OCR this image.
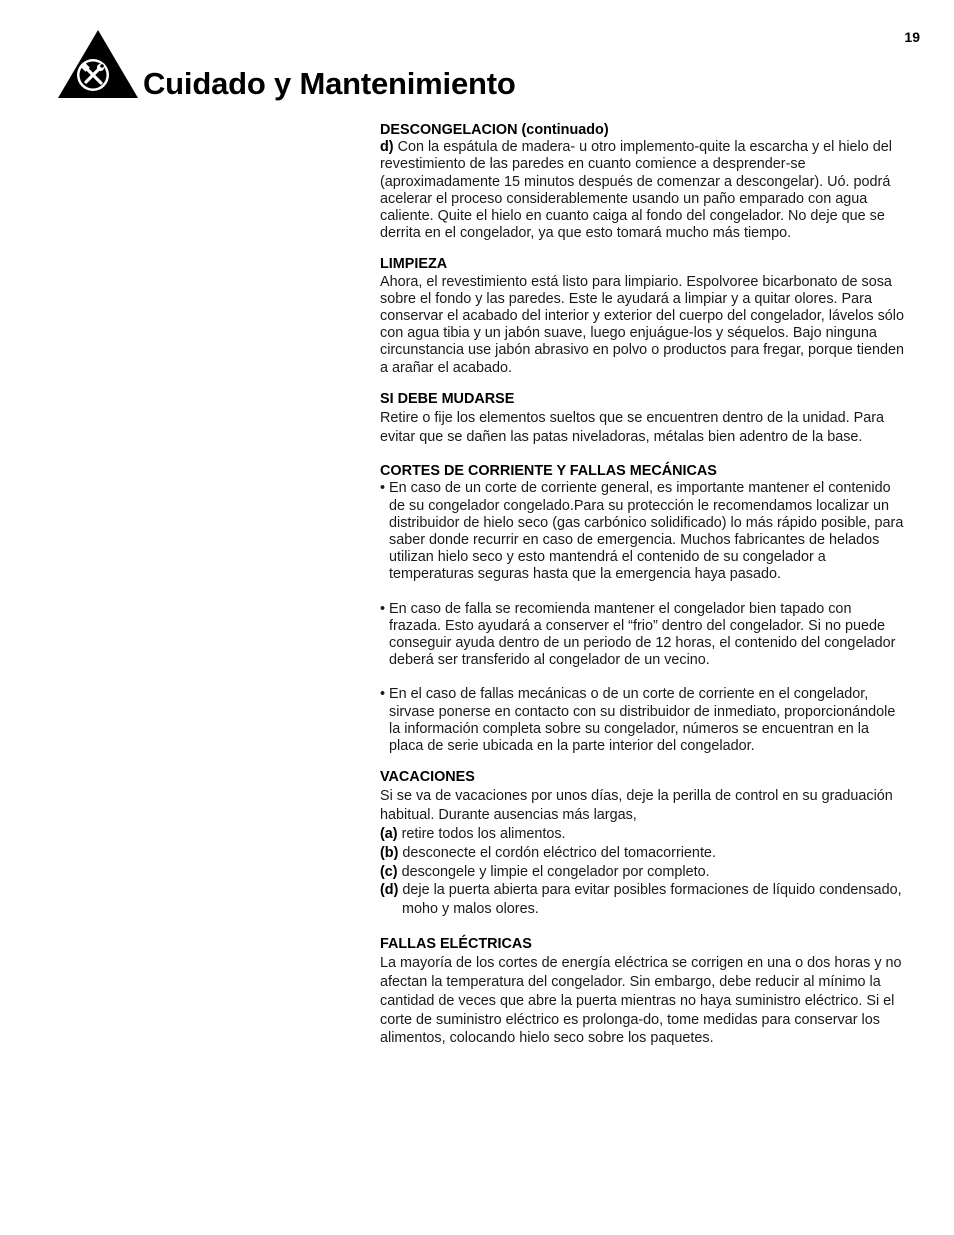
19
Cuidado y Mantenimiento

DESCONGELACION (continuado)

d) Con la espátula de madera- u otro implemento-quite la escarcha y el hielo del revestimiento de las paredes en cuanto comience a desprender-se (aproximadamente 15 minutos después de comenzar a descongelar). Uó. podrá acelerar el proceso considerablemente usando un paño emparado con agua caliente. Quite el hielo en cuanto caiga al fondo del congelador. No deje que se derrita en el congelador, ya que esto tomará mucho más tiempo.

LIMPIEZA

Ahora, el revestimiento está listo para limpiario. Espolvoree bicarbonato de sosa sobre el fondo y las paredes. Este le ayudará a limpiar y a quitar olores. Para conservar el acabado del interior y exterior del cuerpo del congelador, lávelos sólo con agua tibia y un jabón suave, luego enjuágue-los y séquelos. Bajo ninguna circunstancia use jabón abrasivo en polvo o productos para fregar, porque tienden a arañar el acabado.

SI DEBE MUDARSE

Retire o fije los elementos sueltos que se encuentren dentro de la unidad. Para evitar que se dañen las patas niveladoras, métalas bien adentro de la base.

CORTES DE CORRIENTE Y FALLAS MECÁNICAS

• En caso de un corte de corriente general, es importante mantener el contenido de su congelador congelado.Para su protección le recomendamos localizar un distribuidor de hielo seco (gas carbónico solidificado) lo más rápido posible, para saber donde recurrir en caso de emergencia. Muchos fabricantes de helados utilizan hielo seco y esto mantendrá el contenido de su congelador a temperaturas seguras hasta que la emergencia haya pasado.

• En caso de falla se recomienda mantener el congelador bien tapado con frazada. Esto ayudará a conserver el “frio” dentro del congelador. Si no puede conseguir ayuda dentro de un periodo de 12 horas, el contenido del congelador deberá ser transferido al congelador de un vecino.

• En el caso de fallas mecánicas o de un corte de corriente en el congelador, sirvase ponerse en contacto con su distribuidor de inmediato, proporcionándole la información completa sobre su congelador, números se encuentran en la placa de serie ubicada en la parte interior del congelador.

VACACIONES

Si se va de vacaciones por unos días, deje la perilla de control en su graduación habitual. Durante ausencias más largas,

(a) retire todos los alimentos.

(b) desconecte el cordón eléctrico del tomacorriente.

(c) descongele y limpie el congelador por completo.

(d) deje la puerta abierta para evitar posibles formaciones de líquido condensado, moho y malos olores.

FALLAS ELÉCTRICAS

La mayoría de los cortes de energía eléctrica se corrigen en una o dos horas y no afectan la temperatura del congelador. Sin embargo, debe reducir al mínimo la cantidad de veces que abre la puerta mientras no haya suministro eléctrico. Si el corte de suministro eléctrico es prolonga-do, tome medidas para conservar los alimentos, colocando hielo seco sobre los paquetes.
